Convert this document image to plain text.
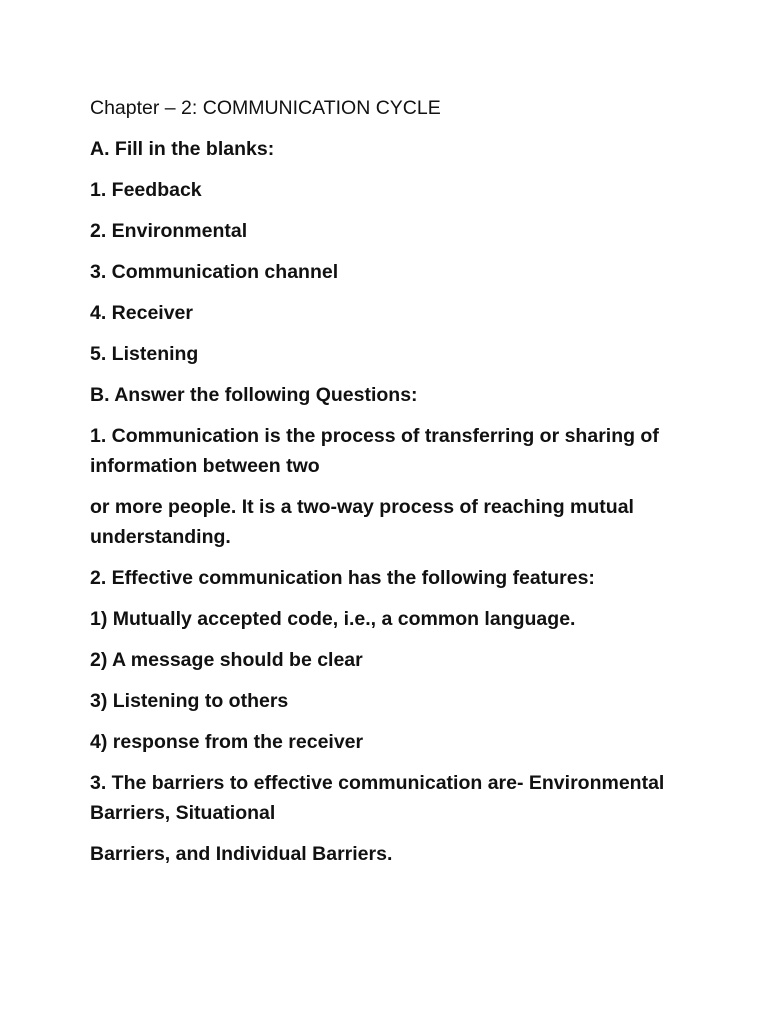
Chapter – 2: COMMUNICATION CYCLE
A. Fill in the blanks:
1. Feedback
2. Environmental
3. Communication channel
4. Receiver
5. Listening
B. Answer the following Questions:
1. Communication is the process of transferring or sharing of information between two
or more people. It is a two-way process of reaching mutual understanding.
2. Effective communication has the following features:
1) Mutually accepted code, i.e., a common language.
2) A message should be clear
3) Listening to others
4) response from the receiver
3. The barriers to effective communication are- Environmental Barriers, Situational
Barriers, and Individual Barriers.
